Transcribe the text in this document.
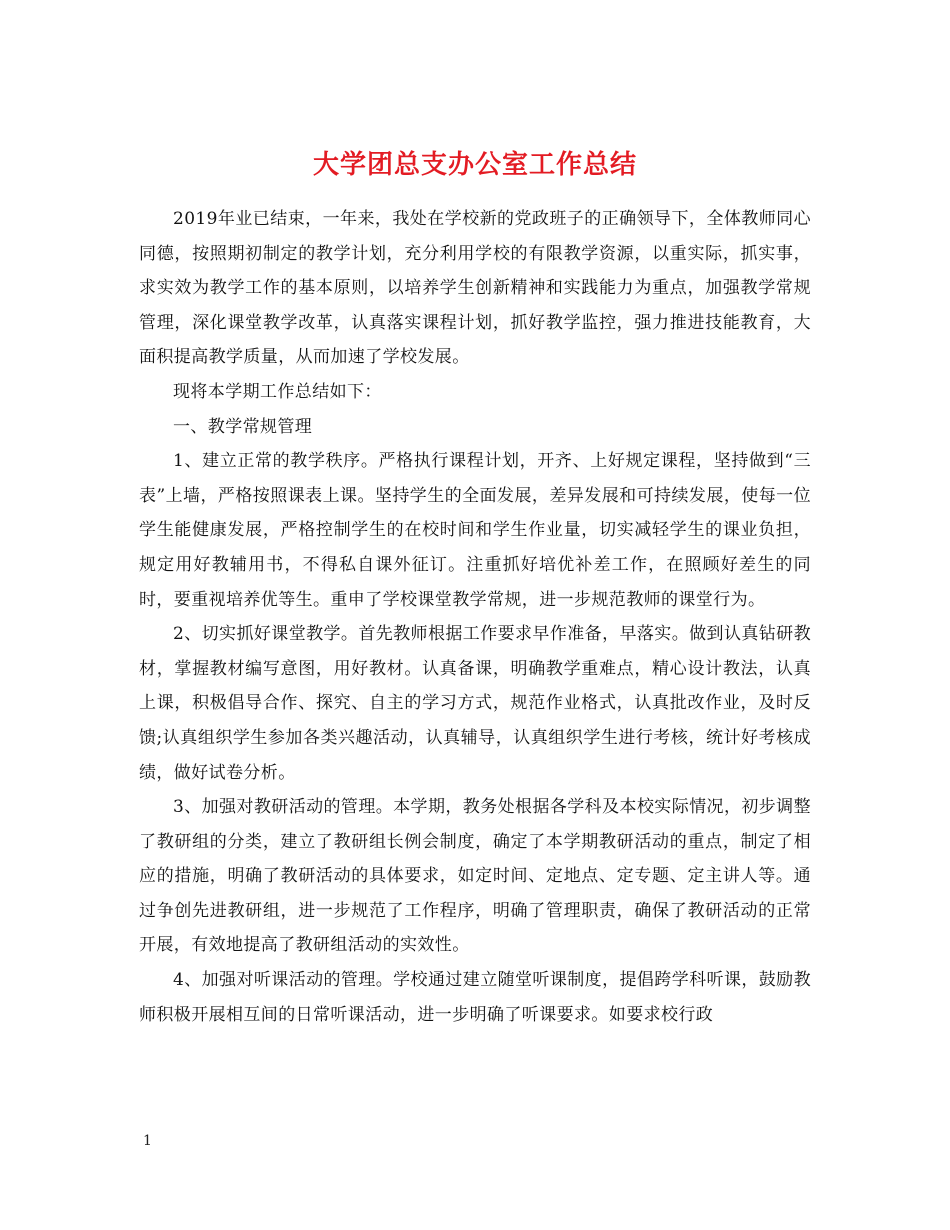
大学团总支办公室工作总结

2019年业已结束，一年来，我处在学校新的党政班子的正确领导下，全体教师同心同德，按照期初制定的教学计划，充分利用学校的有限教学资源，以重实际，抓实事，求实效为教学工作的基本原则，以培养学生创新精神和实践能力为重点，加强教学常规管理，深化课堂教学改革，认真落实课程计划，抓好教学监控，强力推进技能教育，大面积提高教学质量，从而加速了学校发展。

现将本学期工作总结如下：

一、教学常规管理

1、建立正常的教学秩序。严格执行课程计划，开齐、上好规定课程，坚持做到“三表”上墙，严格按照课表上课。坚持学生的全面发展，差异发展和可持续发展，使每一位学生能健康发展，严格控制学生的在校时间和学生作业量，切实减轻学生的课业负担，规定用好教辅用书，不得私自课外征订。注重抓好培优补差工作，在照顾好差生的同时，要重视培养优等生。重申了学校课堂教学常规，进一步规范教师的课堂行为。

2、切实抓好课堂教学。首先教师根据工作要求早作准备，早落实。做到认真钻研教材，掌握教材编写意图，用好教材。认真备课，明确教学重难点，精心设计教法，认真上课，积极倡导合作、探究、自主的学习方式，规范作业格式，认真批改作业，及时反馈;认真组织学生参加各类兴趣活动，认真辅导，认真组织学生进行考核，统计好考核成绩，做好试卷分析。

3、加强对教研活动的管理。本学期，教务处根据各学科及本校实际情况，初步调整了教研组的分类，建立了教研组长例会制度，确定了本学期教研活动的重点，制定了相应的措施，明确了教研活动的具体要求，如定时间、定地点、定专题、定主讲人等。通过争创先进教研组，进一步规范了工作程序，明确了管理职责，确保了教研活动的正常开展，有效地提高了教研组活动的实效性。

4、加强对听课活动的管理。学校通过建立随堂听课制度，提倡跨学科听课，鼓励教师积极开展相互间的日常听课活动，进一步明确了听课要求。如要求校行政

1
